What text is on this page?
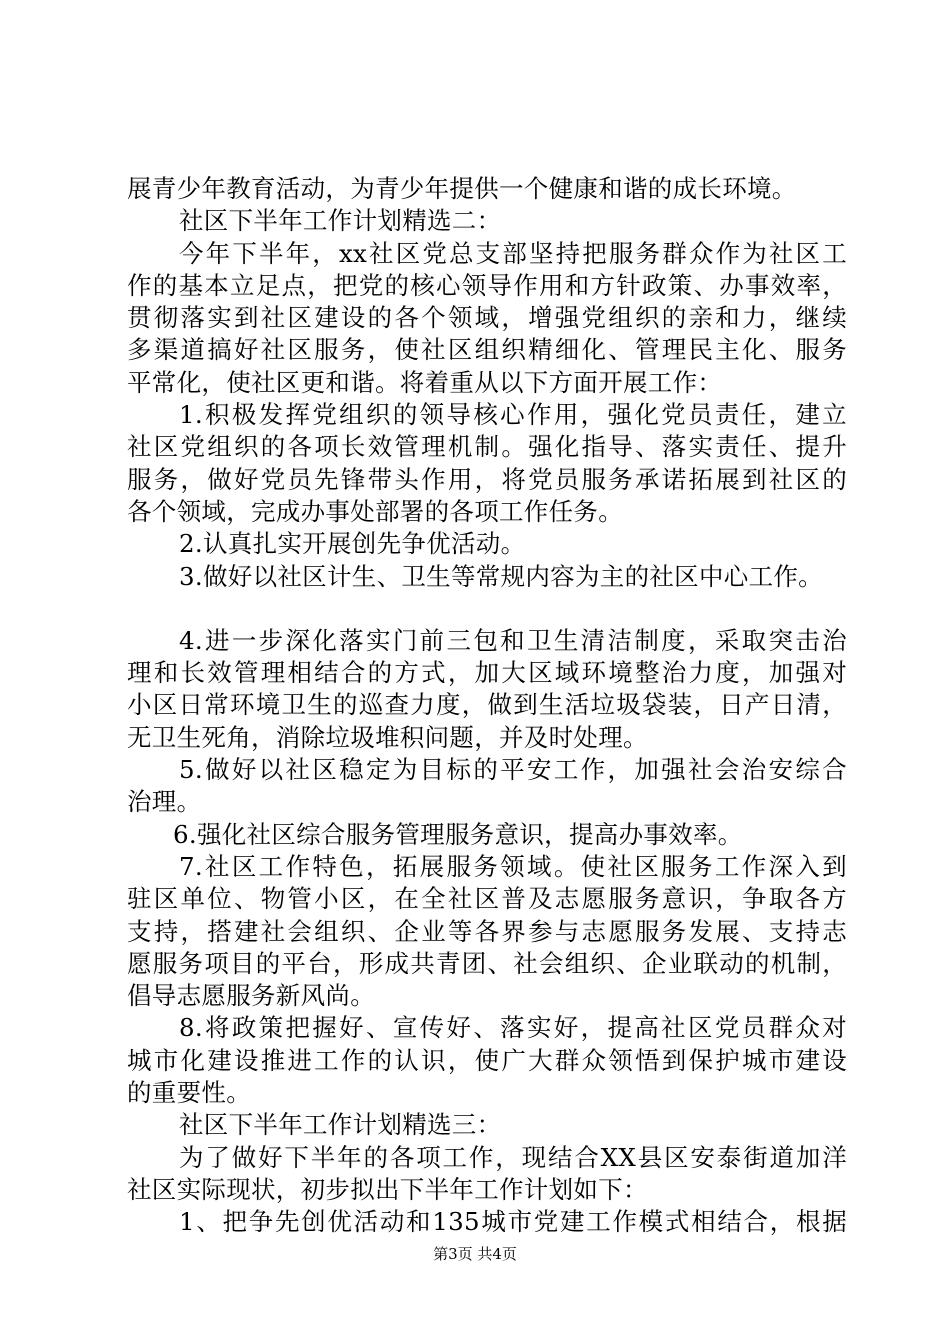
展青少年教育活动，为青少年提供一个健康和谐的成长环境。
社区下半年工作计划精选二：
今年下半年，xx社区党总支部坚持把服务群众作为社区工
作的基本立足点，把党的核心领导作用和方针政策、办事效率，
贯彻落实到社区建设的各个领域，增强党组织的亲和力，继续
多渠道搞好社区服务，使社区组织精细化、管理民主化、服务
平常化，使社区更和谐。将着重从以下方面开展工作：
1.积极发挥党组织的领导核心作用，强化党员责任，建立
社区党组织的各项长效管理机制。强化指导、落实责任、提升
服务，做好党员先锋带头作用，将党员服务承诺拓展到社区的
各个领域，完成办事处部署的各项工作任务。
2.认真扎实开展创先争优活动。
3.做好以社区计生、卫生等常规内容为主的社区中心工作。
4.进一步深化落实门前三包和卫生清洁制度，采取突击治
理和长效管理相结合的方式，加大区域环境整治力度，加强对
小区日常环境卫生的巡查力度，做到生活垃圾袋装，日产日清，
无卫生死角，消除垃圾堆积问题，并及时处理。
5.做好以社区稳定为目标的平安工作，加强社会治安综合
治理。
6.强化社区综合服务管理服务意识，提高办事效率。
7.社区工作特色，拓展服务领域。使社区服务工作深入到
驻区单位、物管小区，在全社区普及志愿服务意识，争取各方
支持，搭建社会组织、企业等各界参与志愿服务发展、支持志
愿服务项目的平台，形成共青团、社会组织、企业联动的机制，
倡导志愿服务新风尚。
8.将政策把握好、宣传好、落实好，提高社区党员群众对
城市化建设推进工作的认识，使广大群众领悟到保护城市建设
的重要性。
社区下半年工作计划精选三：
为了做好下半年的各项工作，现结合XX县区安泰街道加洋
社区实际现状，初步拟出下半年工作计划如下：
1、把争先创优活动和135城市党建工作模式相结合，根据
第3页 共4页
